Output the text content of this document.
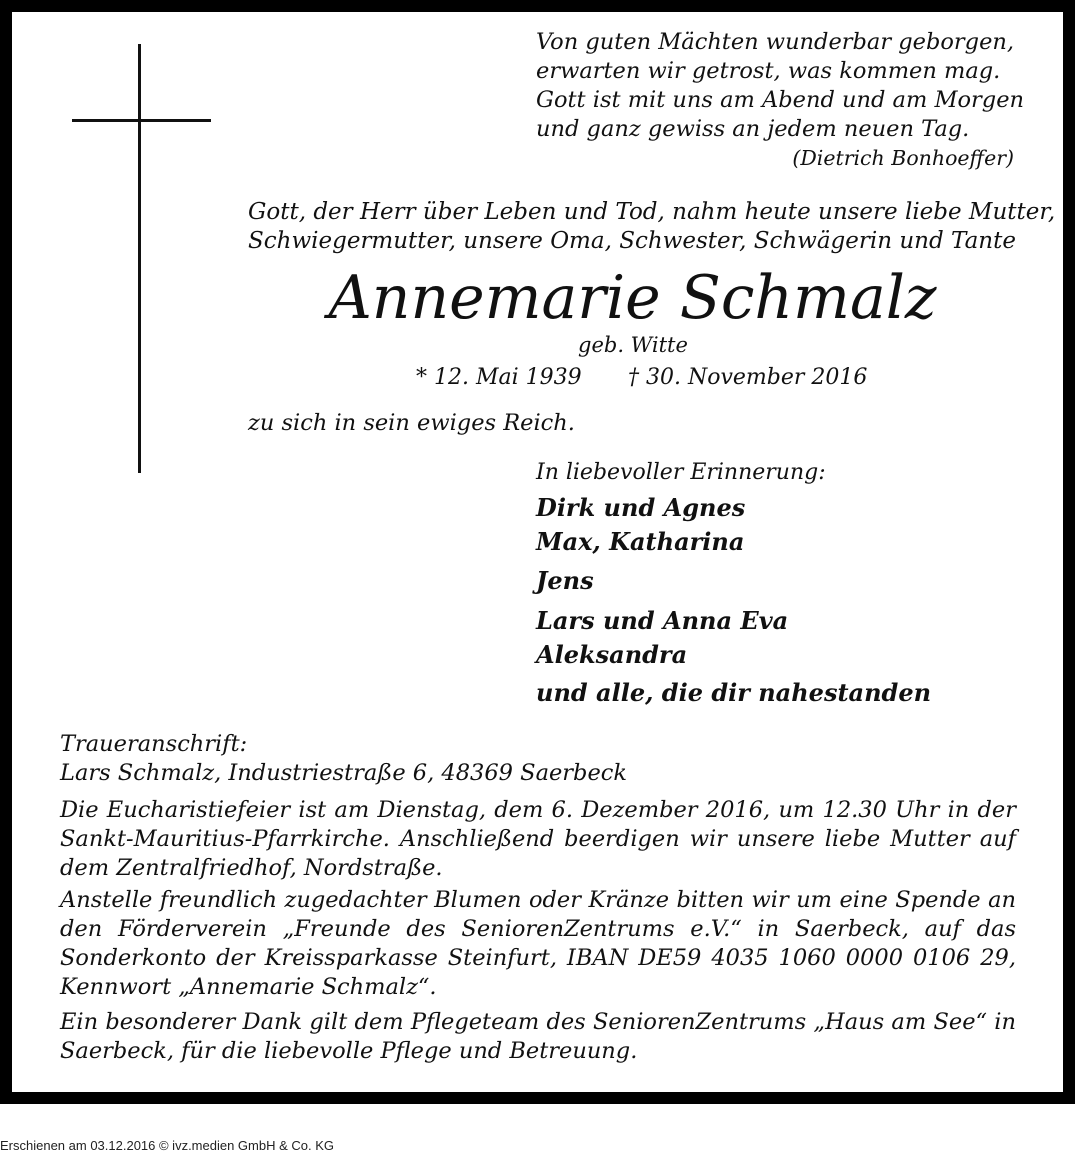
Von guten Mächten wunderbar geborgen,
erwarten wir getrost, was kommen mag.
Gott ist mit uns am Abend und am Morgen
und ganz gewiss an jedem neuen Tag.
(Dietrich Bonhoeffer)
Gott, der Herr über Leben und Tod, nahm heute unsere liebe Mutter,
Schwiegermutter, unsere Oma, Schwester, Schwägerin und Tante
Annemarie Schmalz
geb. Witte
* 12. Mai 1939 † 30. November 2016
zu sich in sein ewiges Reich.
In liebevoller Erinnerung:
Dirk und Agnes
Max, Katharina
Jens
Lars und Anna Eva
Aleksandra
und alle, die dir nahestanden
Traueranschrift:
Lars Schmalz, Industriestraße 6, 48369 Saerbeck
Die Eucharistiefeier ist am Dienstag, dem 6. Dezember 2016, um 12.30 Uhr in der Sankt-Mauritius-Pfarrkirche. Anschließend beerdigen wir unsere liebe Mutter auf dem Zentralfriedhof, Nordstraße.
Anstelle freundlich zugedachter Blumen oder Kränze bitten wir um eine Spende an den Förderverein „Freunde des SeniorenZentrums e.V.“ in Saerbeck, auf das Sonderkonto der Kreissparkasse Steinfurt, IBAN DE59 4035 1060 0000 0106 29, Kennwort „Annemarie Schmalz“.
Ein besonderer Dank gilt dem Pflegeteam des SeniorenZentrums „Haus am See“ in Saerbeck, für die liebevolle Pflege und Betreuung.
Erschienen am 03.12.2016 © ivz.medien GmbH & Co. KG
